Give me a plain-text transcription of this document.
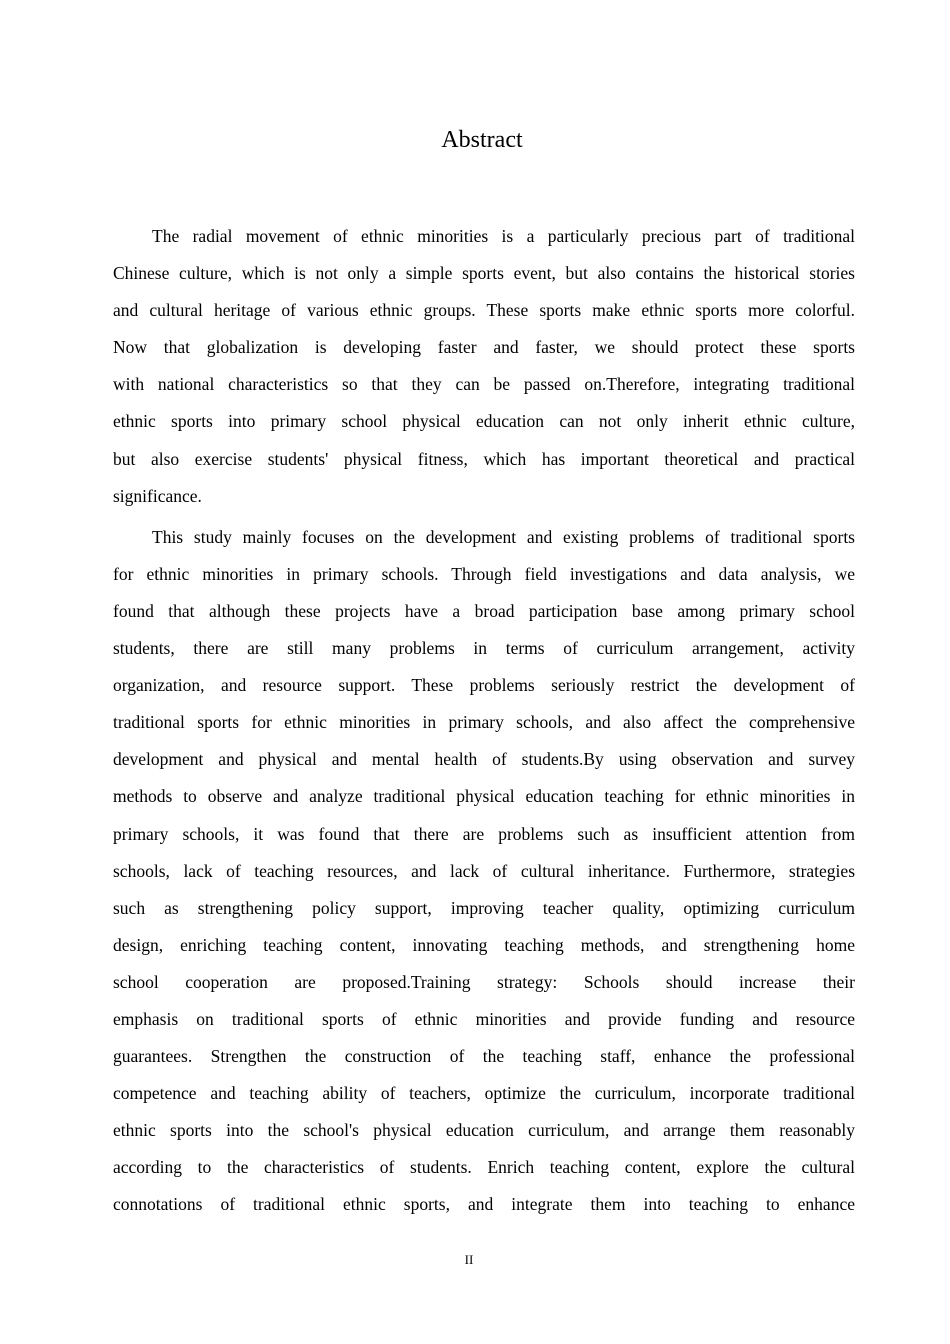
Abstract

The radial movement of ethnic minorities is a particularly precious part of traditional
Chinese culture, which is not only a simple sports event, but also contains the historical stories
and cultural heritage of various ethnic groups. These sports make ethnic sports more colorful.
Now that globalization is developing faster and faster, we should protect these sports
with national characteristics so that they can be passed on.Therefore, integrating traditional
ethnic sports into primary school physical education can not only inherit ethnic culture,
but also exercise students' physical fitness, which has important theoretical and practical
significance.

This study mainly focuses on the development and existing problems of traditional sports
for ethnic minorities in primary schools. Through field investigations and data analysis, we
found that although these projects have a broad participation base among primary school
students, there are still many problems in terms of curriculum arrangement, activity
organization, and resource support. These problems seriously restrict the development of
traditional sports for ethnic minorities in primary schools, and also affect the comprehensive
development and physical and mental health of students.By using observation and survey
methods to observe and analyze traditional physical education teaching for ethnic minorities in
primary schools, it was found that there are problems such as insufficient attention from
schools, lack of teaching resources, and lack of cultural inheritance. Furthermore, strategies
such as strengthening policy support, improving teacher quality, optimizing curriculum
design, enriching teaching content, innovating teaching methods, and strengthening home
school cooperation are proposed.Training strategy: Schools should increase their
emphasis on traditional sports of ethnic minorities and provide funding and resource
guarantees. Strengthen the construction of the teaching staff, enhance the professional
competence and teaching ability of teachers, optimize the curriculum, incorporate traditional
ethnic sports into the school's physical education curriculum, and arrange them reasonably
according to the characteristics of students. Enrich teaching content, explore the cultural
connotations of traditional ethnic sports, and integrate them into teaching to enhance

II
